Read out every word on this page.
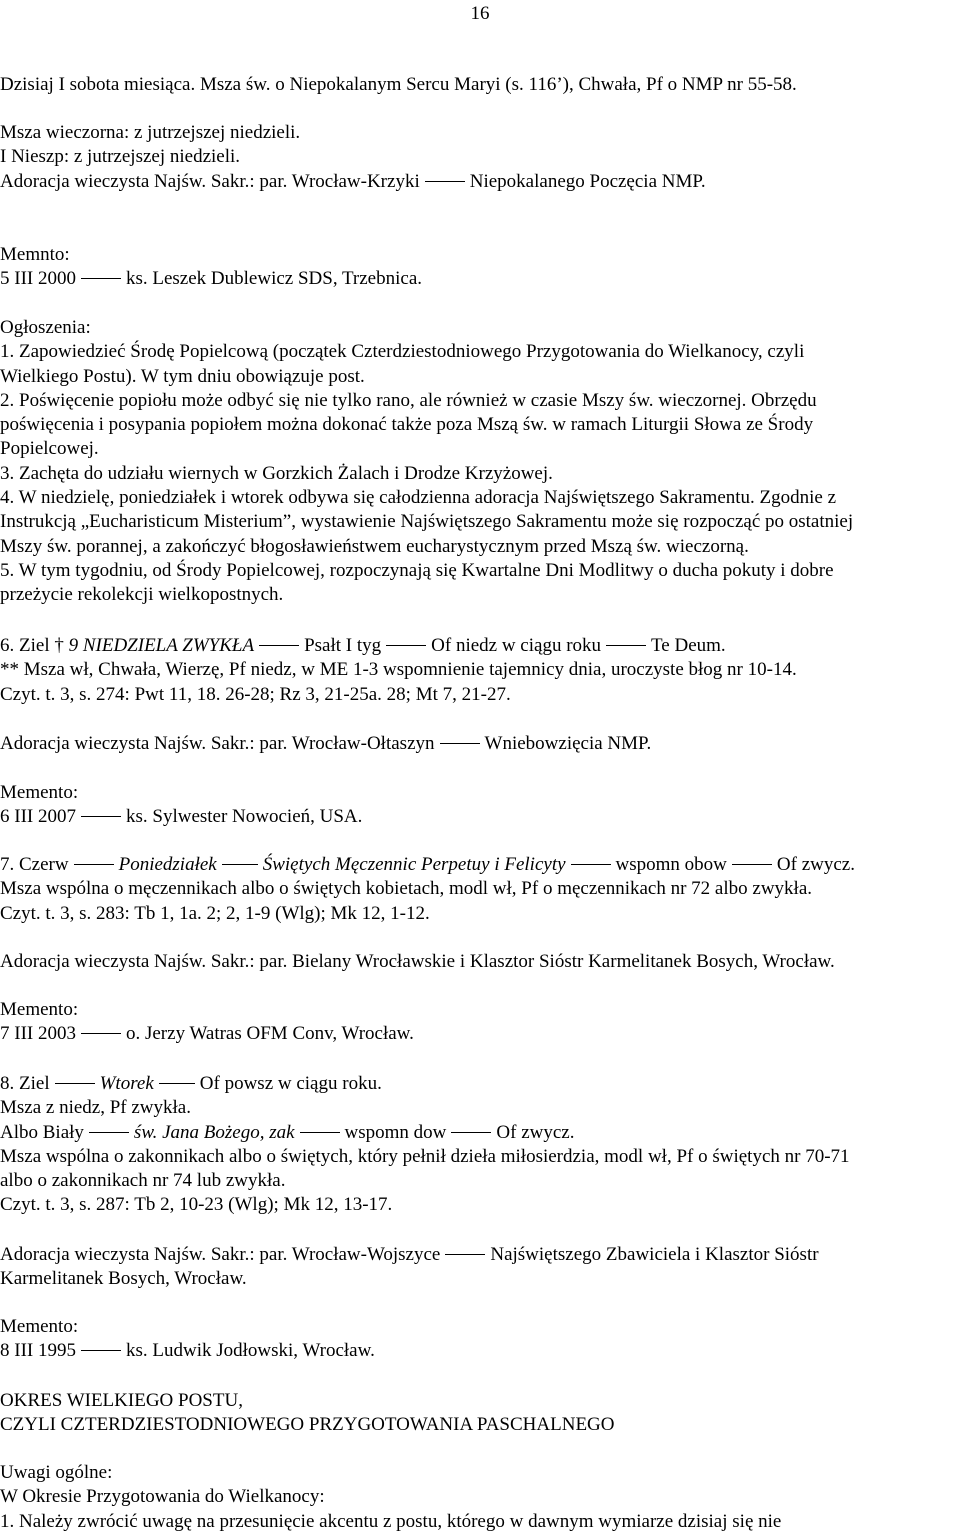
16

Dzisiaj I sobota miesiąca. Msza św. o Niepokalanym Sercu Maryi (s. 116’), Chwała, Pf o NMP nr 55-58.

Msza wieczorna: z jutrzejszej niedzieli.

I Nieszp: z jutrzejszej niedzieli.

Adoracja wieczysta Najśw. Sakr.: par. Wrocław-Krzyki	Niepokalanego Poczęcia NMP.

Memnto:

5 III 2000	ks. Leszek Dublewicz SDS, Trzebnica.

Ogłoszenia:

1. Zapowiedzieć Środę Popielcową (początek Czterdziestodniowego Przygotowania do Wielkanocy, czyli

Wielkiego Postu). W tym dniu obowiązuje post.

2. Poświęcenie popiołu może odbyć się nie tylko rano, ale również w czasie Mszy św. wieczornej. Obrzędu

poświęcenia i posypania popiołem można dokonać także poza Mszą św. w ramach Liturgii Słowa ze Środy

Popielcowej.

3. Zachęta do udziału wiernych w Gorzkich Żalach i Drodze Krzyżowej.

4. W niedzielę, poniedziałek i wtorek odbywa się całodzienna adoracja Najświętszego Sakramentu. Zgodnie z

Instrukcją „Eucharisticum Misterium”, wystawienie Najświętszego Sakramentu może się rozpocząć po ostatniej

Mszy św. porannej, a zakończyć błogosławieństwem eucharystycznym przed Mszą św. wieczorną.

5. W tym tygodniu, od Środy Popielcowej, rozpoczynają się Kwartalne Dni Modlitwy o ducha pokuty i dobre

przeżycie rekolekcji wielkopostnych.

6. Ziel † 9 NIEDZIELA ZWYKŁA	Psałt I tyg	Of niedz w ciągu roku	Te Deum.

** Msza wł, Chwała, Wierzę, Pf niedz, w ME 1-3 wspomnienie tajemnicy dnia, uroczyste błog nr 10-14.

Czyt. t. 3, s. 274: Pwt 11, 18. 26-28; Rz 3, 21-25a. 28; Mt 7, 21-27.

Adoracja wieczysta Najśw. Sakr.: par. Wrocław-Ołtaszyn	Wniebowzięcia NMP.

Mementо:

6 III 2007	ks. Sylwester Nowocień, USA.

7. Czerw	Poniedziałek Świętych Męczennic Perpetuy i Felicyty	wspomn obow	Of zwycz.

Msza wspólna o męczennikach albo o świętych kobietach, modl wł, Pf o męczennikach nr 72 albo zwykła.

Czyt. t. 3, s. 283: Tb 1, 1a. 2; 2, 1-9 (Wlg); Mk 12, 1-12.

Adoracja wieczysta Najśw. Sakr.: par. Bielany Wrocławskie i Klasztor Sióstr Karmelitanek Bosych, Wrocław.

Memento:

7 III 2003	o. Jerzy Watras OFM Conv, Wrocław.

8. Ziel	Wtorek Of powsz w ciągu roku.

Msza z niedz, Pf zwykła.

Albo Biały	św. Jana Bożego, zak	wspomn dow	Of zwycz.

Msza wspólna o zakonnikach albo o świętych, który pełnił dzieła miłosierdzia, modl wł, Pf o świętych nr 70-71

albo o zakonnikach nr 74 lub zwykła.

Czyt. t. 3, s. 287: Tb 2, 10-23 (Wlg); Mk 12, 13-17.

Adoracja wieczysta Najśw. Sakr.: par. Wrocław-Wojszyce	Najświętszego Zbawiciela i Klasztor Sióstr

Karmelitanek Bosych, Wrocław.

Memento:

8 III 1995	ks. Ludwik Jodłowski, Wrocław.

OKRES WIELKIEGO POSTU,

CZYLI CZTERDZIESTODNIOWEGO PRZYGOTOWANIA PASCHALNEGO

Uwagi ogólne:

W Okresie Przygotowania do Wielkanocy:

1. Należy zwrócić uwagę na przesunięcie akcentu z postu, którego w dawnym wymiarze dzisiaj się nie
